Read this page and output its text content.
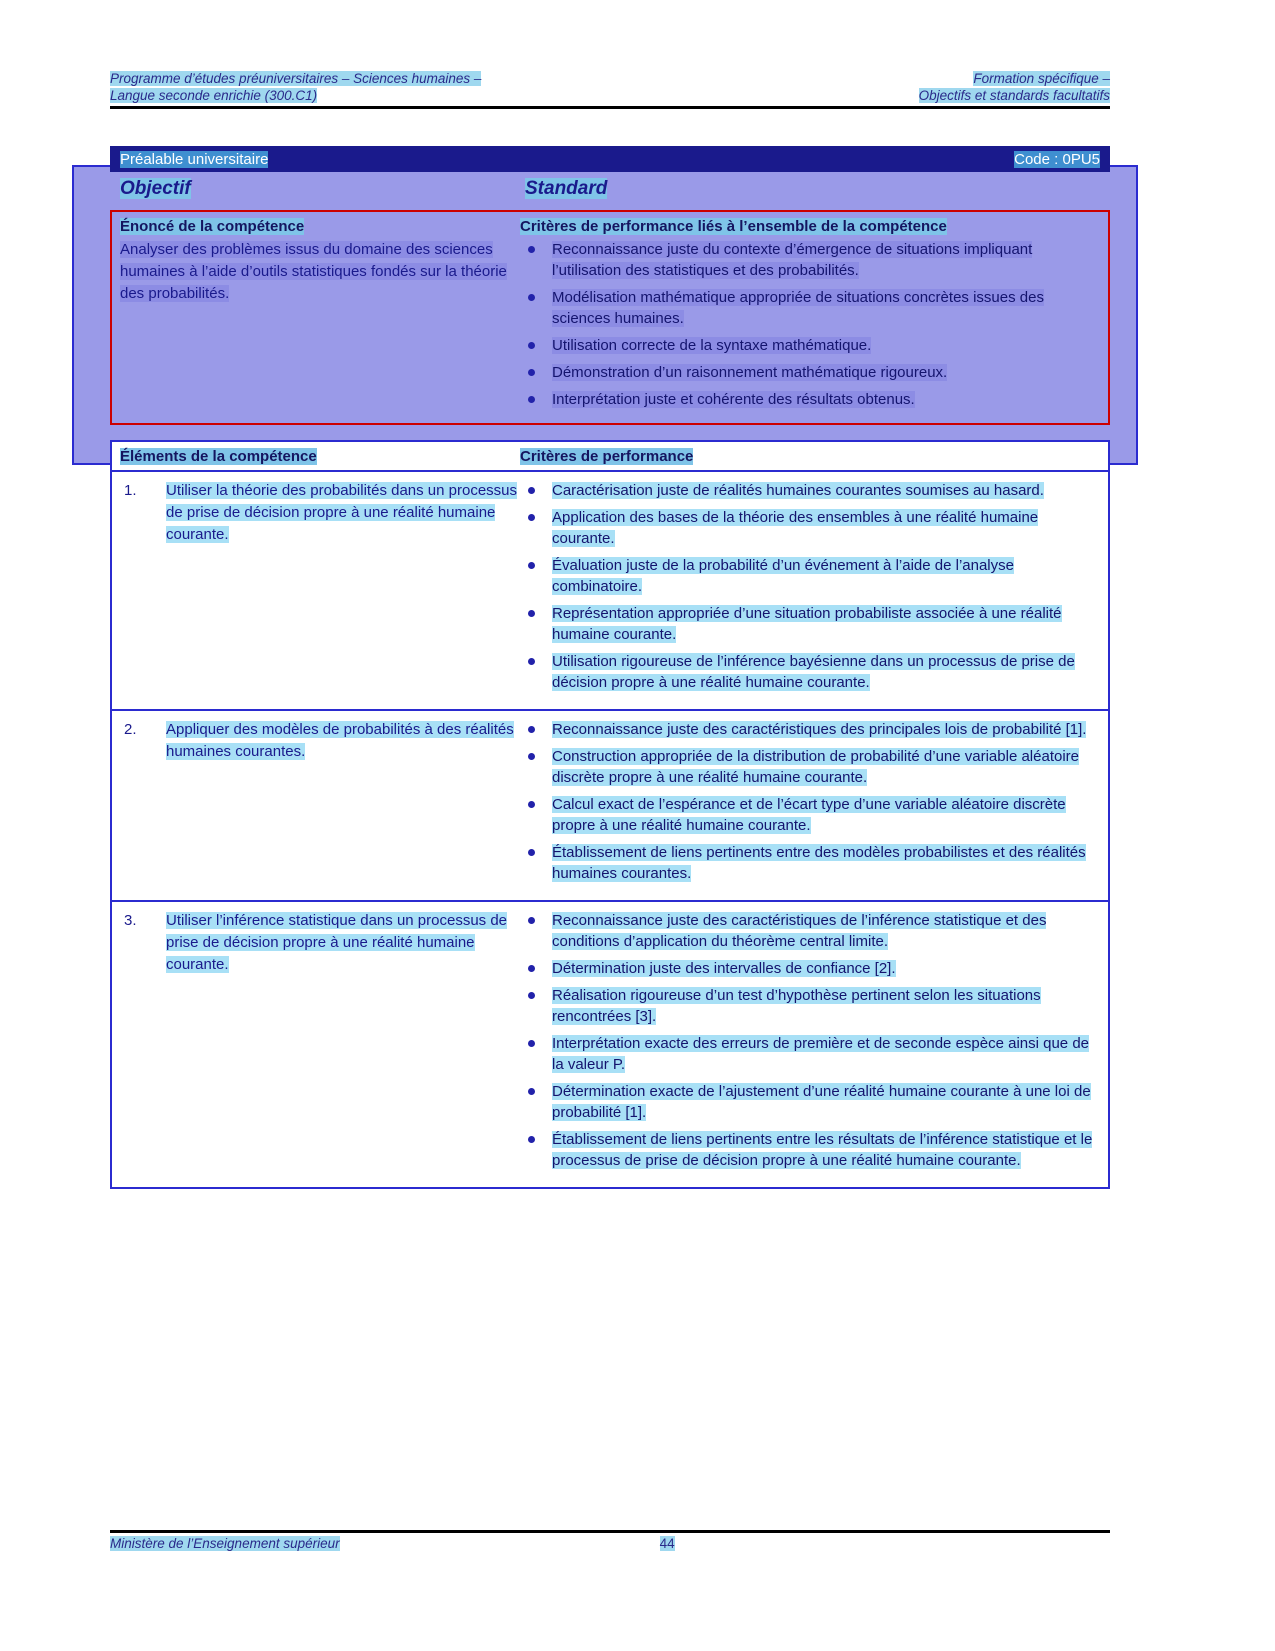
Programme d’études préuniversitaires – Sciences humaines –	Formation spécifique –
Langue seconde enrichie (300.C1)	Objectifs et standards facultatifs
Préalable universitaire	Code : 0PU5
Objectif	Standard
Énoncé de la compétence	Critères de performance liés à l’ensemble de la compétence
Analyser des problèmes issus du domaine des sciences humaines à l’aide d’outils statistiques fondés sur la théorie des probabilités.
Reconnaissance juste du contexte d’émergence de situations impliquant l’utilisation des statistiques et des probabilités.
Modélisation mathématique appropriée de situations concrètes issues des sciences humaines.
Utilisation correcte de la syntaxe mathématique.
Démonstration d’un raisonnement mathématique rigoureux.
Interprétation juste et cohérente des résultats obtenus.
Éléments de la compétence	Critères de performance
1.	Utiliser la théorie des probabilités dans un processus de prise de décision propre à une réalité humaine courante.
Caractérisation juste de réalités humaines courantes soumises au hasard.
Application des bases de la théorie des ensembles à une réalité humaine courante.
Évaluation juste de la probabilité d’un événement à l’aide de l’analyse combinatoire.
Représentation appropriée d’une situation probabiliste associée à une réalité humaine courante.
Utilisation rigoureuse de l’inférence bayésienne dans un processus de prise de décision propre à une réalité humaine courante.
2.	Appliquer des modèles de probabilités à des réalités humaines courantes.
Reconnaissance juste des caractéristiques des principales lois de probabilité [1].
Construction appropriée de la distribution de probabilité d’une variable aléatoire discrète propre à une réalité humaine courante.
Calcul exact de l’espérance et de l’écart type d’une variable aléatoire discrète propre à une réalité humaine courante.
Établissement de liens pertinents entre des modèles probabilistes et des réalités humaines courantes.
3.	Utiliser l’inférence statistique dans un processus de prise de décision propre à une réalité humaine courante.
Reconnaissance juste des caractéristiques de l’inférence statistique et des conditions d’application du théorème central limite.
Détermination juste des intervalles de confiance [2].
Réalisation rigoureuse d’un test d’hypothèse pertinent selon les situations rencontrées [3].
Interprétation exacte des erreurs de première et de seconde espèce ainsi que de la valeur P.
Détermination exacte de l’ajustement d’une réalité humaine courante à une loi de probabilité [1].
Établissement de liens pertinents entre les résultats de l’inférence statistique et le processus de prise de décision propre à une réalité humaine courante.
Ministère de l’Enseignement supérieur	44
